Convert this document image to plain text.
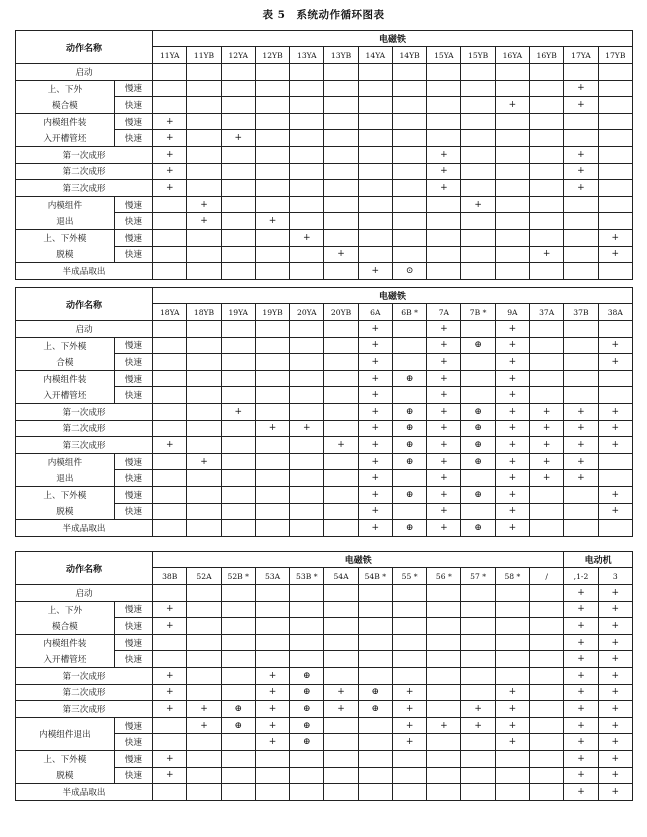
表 5　系统动作循环图表
动作名称		电磁铁													
		11YA	11YB	12YA	12YB	13YA	13YB	14YA	14YB	15YA	15YB	16YA	16YB	17YA	17YB
启动															
上、下外	慢速													+	
模合模	快速											+		+	
内模组件装	慢速	+													
入开槽管坯	快速	+		+											
第一次成形		+								+				+	
第二次成形		+								+				+	
第三次成形		+								+				+	
内模组件	慢速		+								+				
退出	快速		+		+										
上、下外模	慢速					+									+
脱模	快速						+						+		+
半成品取出								+	⊙						
动作名称		电磁铁													
		18YA	18YB	19YA	19YB	20YA	20YB	6A	6B *	7A	7B *	9A	37A	37B	38A
启动								+		+		+			
上、下外模	慢速							+		+	⊕	+			+
合模	快速							+		+		+			+
内模组件装	慢速							+	⊕	+		+			
入开槽管坯	快速							+		+		+			
第一次成形				+				+	⊕	+	⊕	+	+	+	+
第二次成形					+	+		+	⊕	+	⊕	+	+	+	+
第三次成形		+					+	+	⊕	+	⊕	+	+	+	+
内模组件	慢速		+					+	⊕	+	⊕	+	+	+	
退出	快速							+		+		+	+	+	
上、下外模	慢速							+	⊕	+	⊕	+			+
脱模	快速							+		+		+			+
半成品取出								+	⊕	+	⊕	+			
动作名称		电磁铁												电动机	
		38B	52A	52B *	53A	53B *	54A	54B *	55 *	56 *	57 *	58 *	/	,1-2	3
启动														+	+
上、下外	慢速	+												+	+
模合模	快速	+												+	+
内模组件装	慢速													+	+
入开槽管坯	快速													+	+
第一次成形		+			+	⊕								+	+
第二次成形		+			+	⊕	+	⊕	+			+		+	+
第三次成形		+	+	⊕	+	⊕	+	⊕	+		+	+		+	+
内模组件退出	慢速		+	⊕	+	⊕			+	+	+	+		+	+
	快速				+	⊕			+			+		+	+
上、下外模	慢速	+												+	+
脱模	快速	+												+	+
半成品取出														+	+
